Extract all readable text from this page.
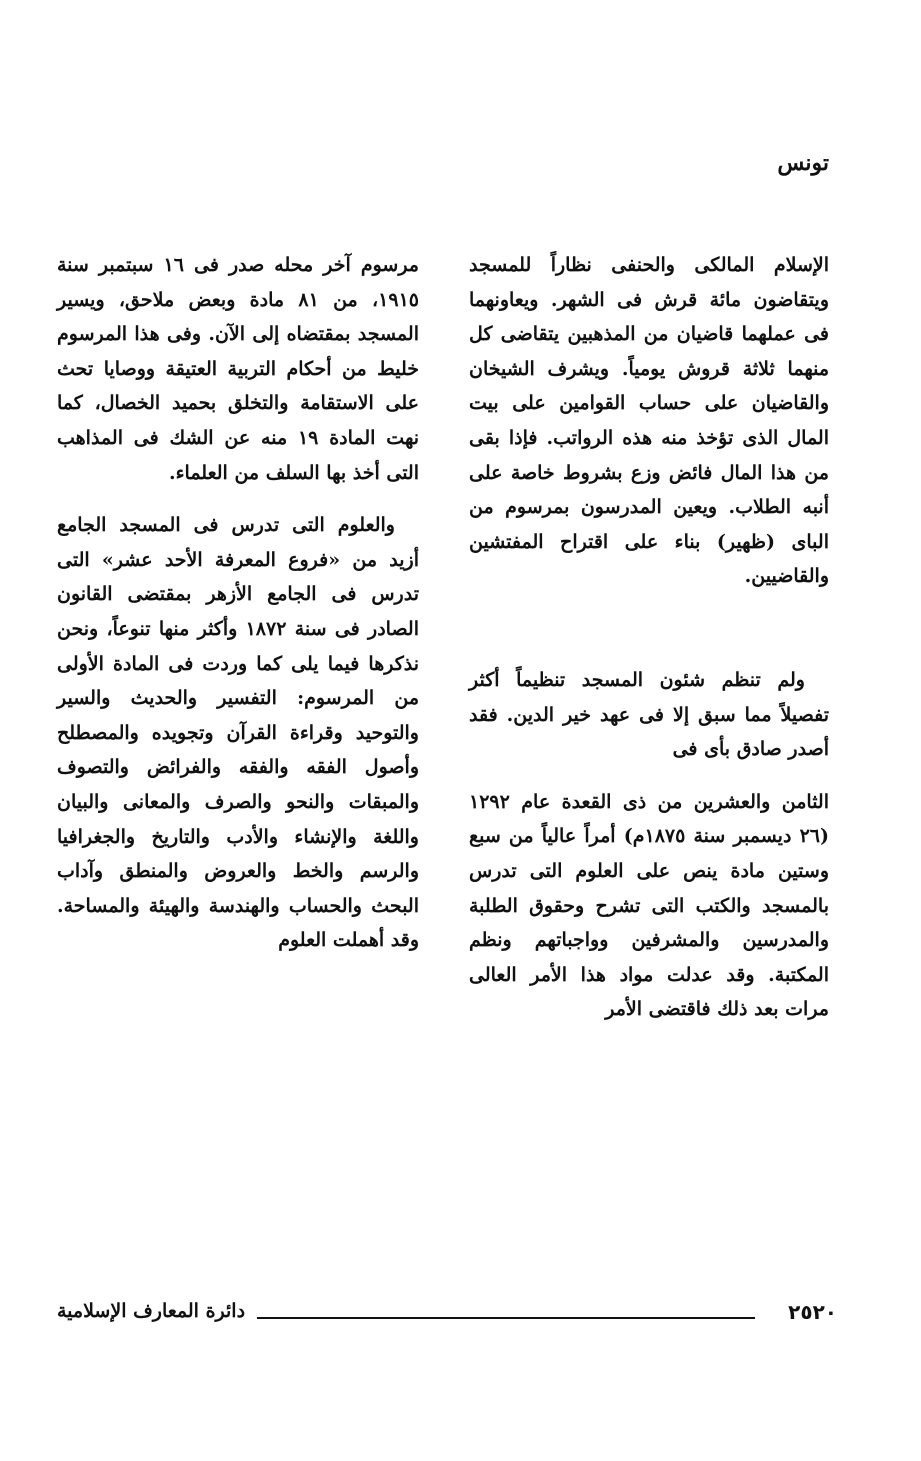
تونس

الإسلام المالكى والحنفى نظاراً للمسجد ويتقاضون مائة قرش فى الشهر. ويعاونهما فى عملهما قاضيان من المذهبين يتقاضى كل منهما ثلاثة قروش يومياً. ويشرف الشيخان والقاضيان على حساب القوامين على بيت المال الذى تؤخذ منه هذه الرواتب. فإذا بقى من هذا المال فائض وزع بشروط خاصة على أنبه الطلاب. ويعين المدرسون بمرسوم من الباى (ظهير) بناء على اقتراح المفتشين والقاضيين.

ولم تنظم شئون المسجد تنظيماً أكثر تفصيلاً مما سبق إلا فى عهد خير الدين. فقد أصدر صادق بأى فى

الثامن والعشرين من ذى القعدة عام ١٢٩٢ (٢٦ ديسمبر سنة ١٨٧٥م) أمراً عالياً من سبع وستين مادة ينص على العلوم التى تدرس بالمسجد والكتب التى تشرح وحقوق الطلبة والمدرسين والمشرفين وواجباتهم ونظم المكتبة. وقد عدلت مواد هذا الأمر العالى مرات بعد ذلك فاقتضى الأمر

مرسوم آخر محله صدر فى ١٦ سبتمبر سنة ١٩١٥، من ٨١ مادة وبعض ملاحق، ويسير المسجد بمقتضاه إلى الآن. وفى هذا المرسوم خليط من أحكام التربية العتيقة ووصايا تحث على الاستقامة والتخلق بحميد الخصال، كما نهت المادة ١٩ منه عن الشك فى المذاهب التى أخذ بها السلف من العلماء.

والعلوم التى تدرس فى المسجد الجامع أزيد من «فروع المعرفة الأحد عشر» التى تدرس فى الجامع الأزهر بمقتضى القانون الصادر فى سنة ١٨٧٢ وأكثر منها تنوعاً، ونحن نذكرها فيما يلى كما وردت فى المادة الأولى من المرسوم: التفسير والحديث والسير والتوحيد وقراءة القرآن وتجويده والمصطلح وأصول الفقه والفقه والفرائض والتصوف والمبقات والنحو والصرف والمعانى والبيان واللغة والإنشاء والأدب والتاريخ والجغرافيا والرسم والخط والعروض والمنطق وآداب البحث والحساب والهندسة والهيئة والمساحة. وقد أهملت العلوم

٢٥٢٠
دائرة المعارف الإسلامية
